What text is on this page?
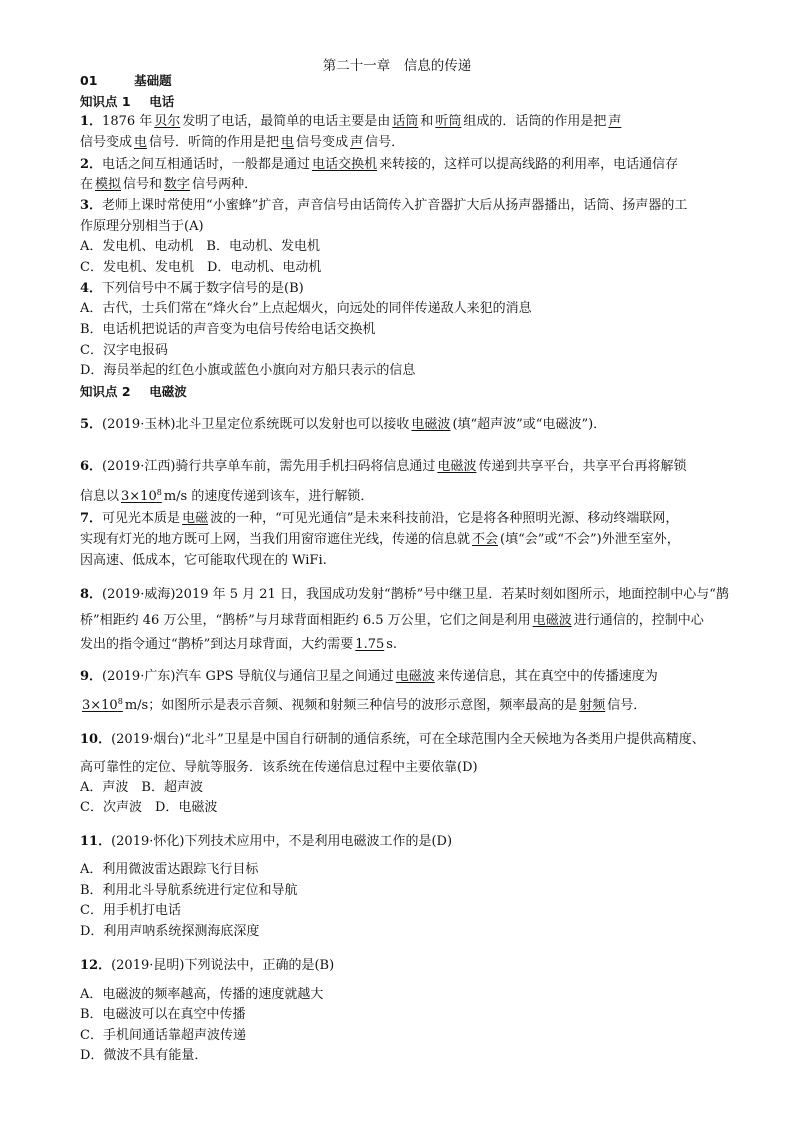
第二十一章　信息的传递
01	基础题
知识点 1 电话
1．1876 年 贝尔 发明了电话，最简单的电话主要是由 话筒 和 听筒 组成的．话筒的作用是把 声
信号变成 电 信号．听筒的作用是把 电 信号变成 声 信号．
2．电话之间互相通话时，一般都是通过 电话交换机 来转接的，这样可以提高线路的利用率，电话通信存
在 模拟 信号和 数字 信号两种．
3．老师上课时常使用“小蜜蜂”扩音，声音信号由话筒传入扩音器扩大后从扬声器播出，话筒、扬声器的工
作原理分别相当于(A)
A．发电机、电动机　B．电动机、发电机
C．发电机、发电机　D．电动机、电动机
4．下列信号中不属于数字信号的是(B)
A．古代，士兵们常在“烽火台”上点起烟火，向远处的同伴传递敌人来犯的消息
B．电话机把说话的声音变为电信号传给电话交换机
C．汉字电报码
D．海员举起的红色小旗或蓝色小旗向对方船只表示的信息
知识点 2 电磁波
5．(2019·玉林)北斗卫星定位系统既可以发射也可以接收 电磁波 (填“超声波”或“电磁波”)．
6．(2019·江西)骑行共享单车前，需先用手机扫码将信息通过 电磁波 传递到共享平台，共享平台再将解锁
信息以 $3\times 10^8$ m/s 的速度传递到该车，进行解锁．
7．可见光本质是 电磁 波的一种，“可见光通信”是未来科技前沿，它是将各种照明光源、移动终端联网，
实现有灯光的地方既可上网，当我们用窗帘遮住光线，传递的信息就 不会 (填“会”或“不会”)外泄至室外，
因高速、低成本，它可能取代现在的 WiFi.
8．(2019·威海)2019 年 5 月 21 日，我国成功发射“鹊桥”号中继卫星．若某时刻如图所示，地面控制中心与“鹊
桥”相距约 46 万公里，“鹊桥”与月球背面相距约 6.5 万公里，它们之间是利用 电磁波 进行通信的，控制中心
发出的指令通过“鹊桥”到达月球背面，大约需要 1.75 s.
9．(2019·广东)汽车 GPS 导航仪与通信卫星之间通过 电磁波 来传递信息，其在真空中的传播速度为
$3\times 10^8$ m/s；如图所示是表示音频、视频和射频三种信号的波形示意图，频率最高的是 射频 信号．
10．(2019·烟台)“北斗”卫星是中国自行研制的通信系统，可在全球范围内全天候地为各类用户提供高精度、
高可靠性的定位、导航等服务．该系统在传递信息过程中主要依靠(D)
A．声波　B．超声波
C．次声波　D．电磁波
11．(2019·怀化)下列技术应用中，不是利用电磁波工作的是(D)
A．利用微波雷达跟踪飞行目标
B．利用北斗导航系统进行定位和导航
C．用手机打电话
D．利用声呐系统探测海底深度
12．(2019·昆明)下列说法中，正确的是(B)
A．电磁波的频率越高，传播的速度就越大
B．电磁波可以在真空中传播
C．手机间通话靠超声波传递
D．微波不具有能量．
